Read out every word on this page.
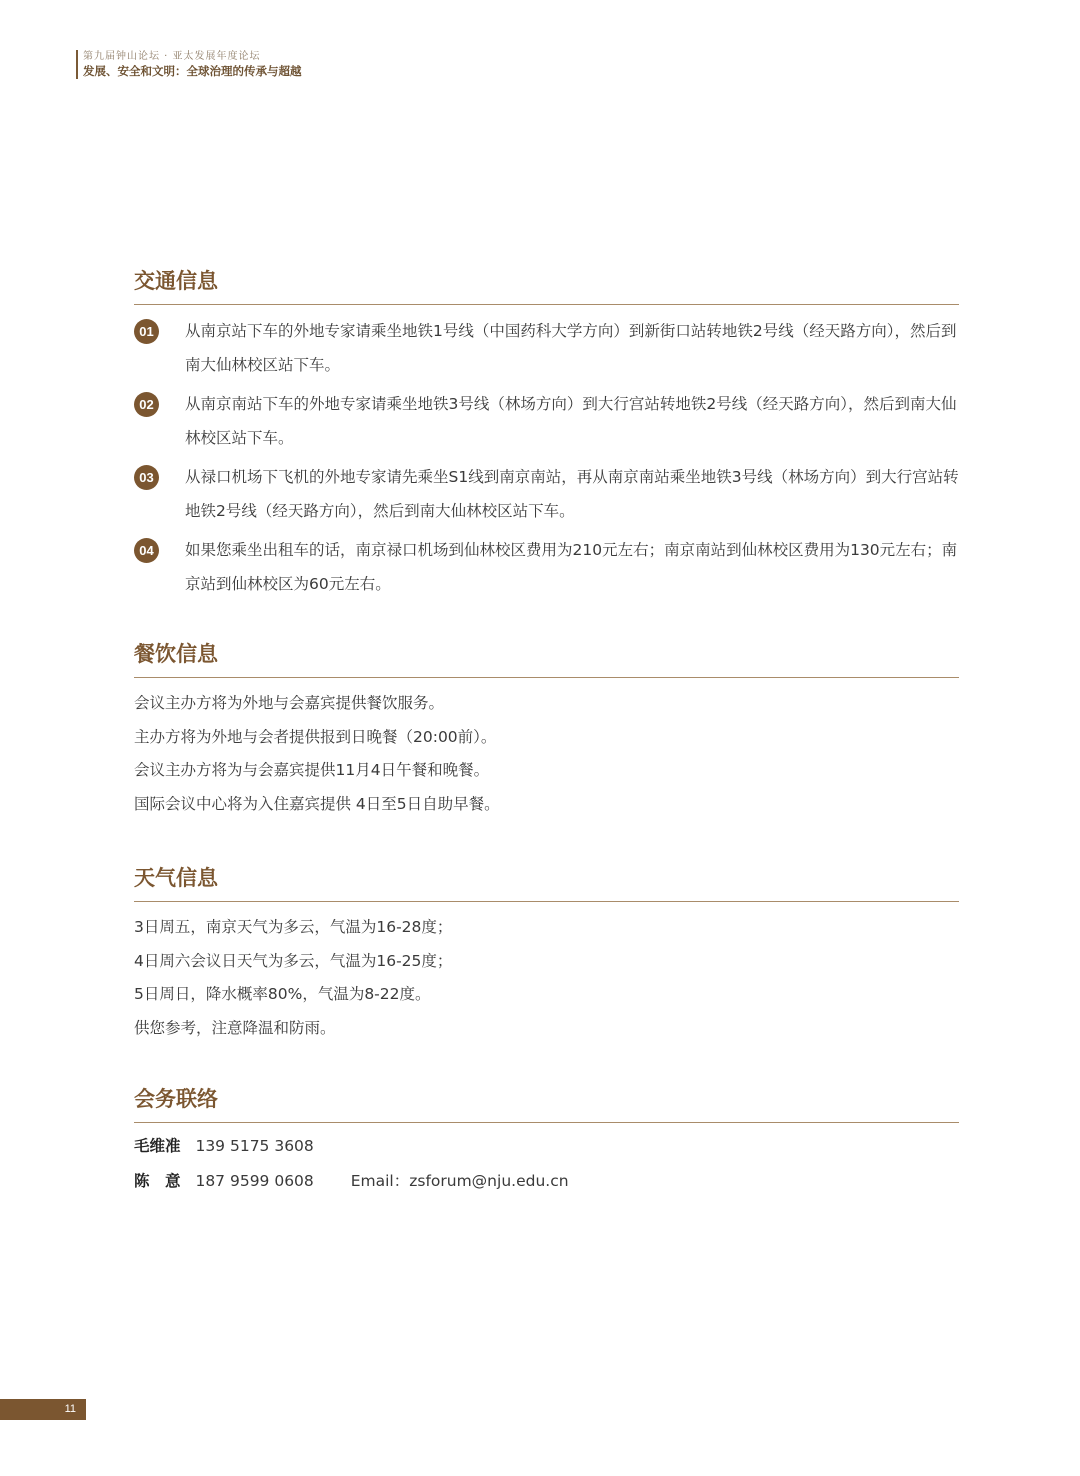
第九届钟山论坛 · 亚太发展年度论坛
发展、安全和文明：全球治理的传承与超越
交通信息
01	从南京站下车的外地专家请乘坐地铁1号线（中国药科大学方向）到新街口站转地铁2号线（经天路方向），然后到南大仙林校区站下车。
02	从南京南站下车的外地专家请乘坐地铁3号线（林场方向）到大行宫站转地铁2号线（经天路方向），然后到南大仙林校区站下车。
03	从禄口机场下飞机的外地专家请先乘坐S1线到南京南站，再从南京南站乘坐地铁3号线（林场方向）到大行宫站转地铁2号线（经天路方向），然后到南大仙林校区站下车。
04	如果您乘坐出租车的话，南京禄口机场到仙林校区费用为210元左右；南京南站到仙林校区费用为130元左右；南京站到仙林校区为60元左右。
餐饮信息
会议主办方将为外地与会嘉宾提供餐饮服务。
主办方将为外地与会者提供报到日晚餐（20:00前）。
会议主办方将为与会嘉宾提供11月4日午餐和晚餐。
国际会议中心将为入住嘉宾提供 4日至5日自助早餐。
天气信息
3日周五，南京天气为多云，气温为16-28度；
4日周六会议日天气为多云，气温为16-25度；
5日周日，降水概率80%，气温为8-22度。
供您参考，注意降温和防雨。
会务联络
毛维准 139 5175 3608
陈　意 187 9599 0608 Email：zsforum@nju.edu.cn
11
